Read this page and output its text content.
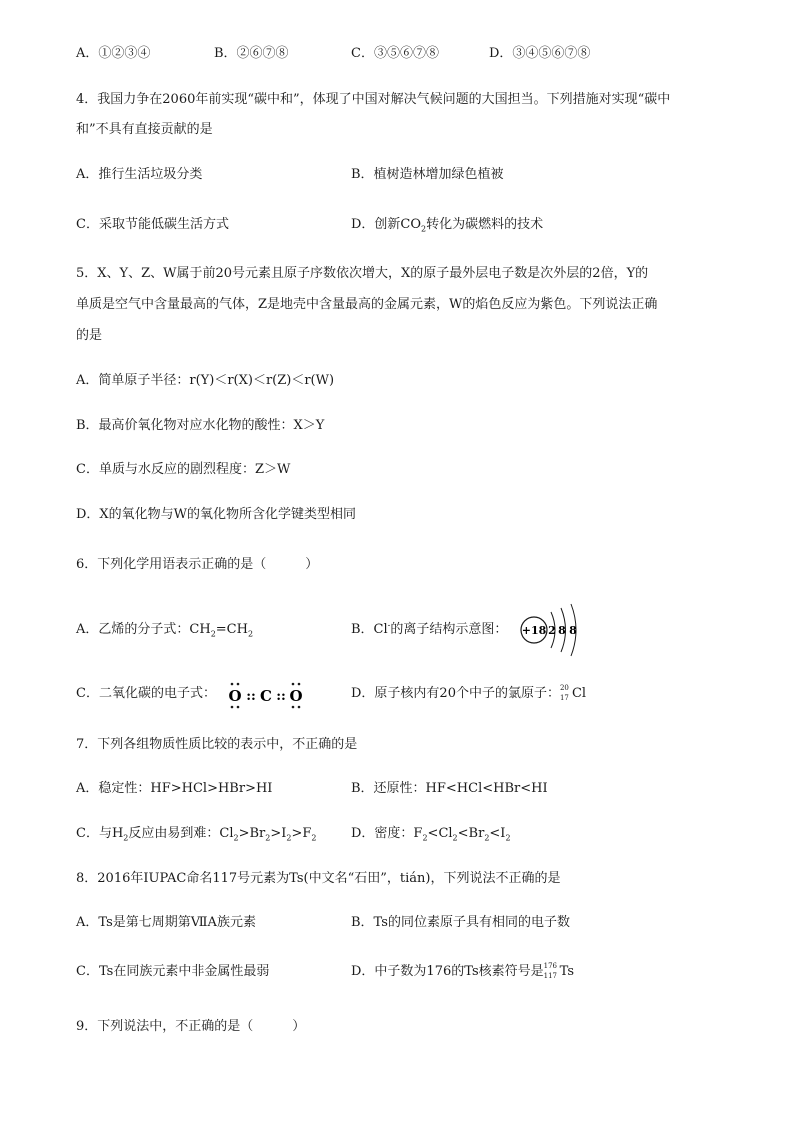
A．①②③④	B．②⑥⑦⑧	C．③⑤⑥⑦⑧	D．③④⑤⑥⑦⑧
4．我国力争在2060年前实现“碳中和”，体现了中国对解决气候问题的大国担当。下列措施对实现“碳中
和”不具有直接贡献的是
A．推行生活垃圾分类	B．植树造林增加绿色植被
C．采取节能低碳生活方式	D．创新$CO_2$转化为碳燃料的技术
5．X、Y、Z、W属于前20号元素且原子序数依次增大，X的原子最外层电子数是次外层的2倍，Y的
单质是空气中含量最高的气体，Z是地壳中含量最高的金属元素，W的焰色反应为紫色。下列说法正确
的是
A．简单原子半径：r(Y)＜r(X)＜r(Z)＜r(W)
B．最高价氧化物对应水化物的酸性：X＞Y
C．单质与水反应的剧烈程度：Z＞W
D．X的氧化物与W的氧化物所含化学键类型相同
6．下列化学用语表示正确的是（　　　）
A．乙烯的分子式：$CH_2=CH_2$	B．Cl-的离子结构示意图： +18 2 8 8
C．二氧化碳的电子式： O C O
:: ::	D．原子核内有20个中子的氯原子： 20
17 Cl
7．下列各组物质性质比较的表示中，不正确的是
A．稳定性：HF>HCl>HBr>HI	B．还原性：HF<HCl<HBr<HI
C．与$H_2$反应由易到难：$Cl_2>Br_2>I_2>F_2$	D．密度：$F_2<Cl_2<Br_2<I_2$
8．2016年IUPAC命名117号元素为Ts(中文名“石田”，tián)，下列说法不正确的是
A．Ts是第七周期第ⅦA族元素	B．Ts的同位素原子具有相同的电子数
C．Ts在同族元素中非金属性最弱	D．中子数为176的Ts核素符号是 176
117 Ts
9．下列说法中，不正确的是（　　　）
